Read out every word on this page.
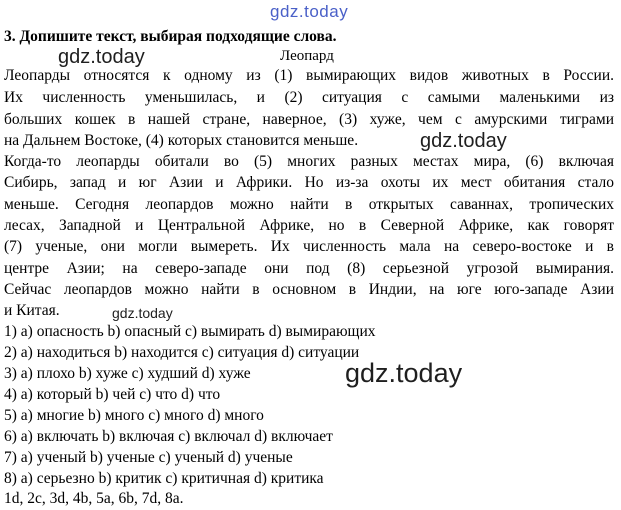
gdz.today
3. Допишите текст, выбирая подходящие слова.
gdz.today	Леопард
Леопарды относятся к одному из (1) вымирающих видов животных в России.
Их численность уменьшилась, и (2) ситуация с самыми маленькими из
больших кошек в нашей стране, наверное, (3) хуже, чем с амурскими тиграми
на Дальнем Востоке, (4) которых становится меньше.	gdz.today
Когда-то леопарды обитали во (5) многих разных местах мира, (6) включая
Сибирь, запад и юг Азии и Африки. Но из-за охоты их мест обитания стало
меньше. Сегодня леопардов можно найти в открытых саваннах, тропических
лесах, Западной и Центральной Африке, но в Северной Африке, как говорят
(7) ученые, они могли вымереть. Их численность мала на северо-востоке и в
центре Азии; на северо-западе они под (8) серьезной угрозой вымирания.
Сейчас леопардов можно найти в основном в Индии, на юге юго-западе Азии
и Китая.	gdz.today
1) а) опасность b) опасный c) вымирать d) вымирающих
2) а) находиться b) находится c) ситуация d) ситуации
3) а) плохо b) хуже c) худший d) хуже	gdz.today
4) а) который b) чей c) что d) что
5) а) многие b) много c) много d) много
6) а) включать b) включая c) включал d) включает
7) а) ученый b) ученые c) ученый d) ученые
8) а) серьезно b) критик c) критичная d) критика
1d, 2c, 3d, 4b, 5a, 6b, 7d, 8a.
